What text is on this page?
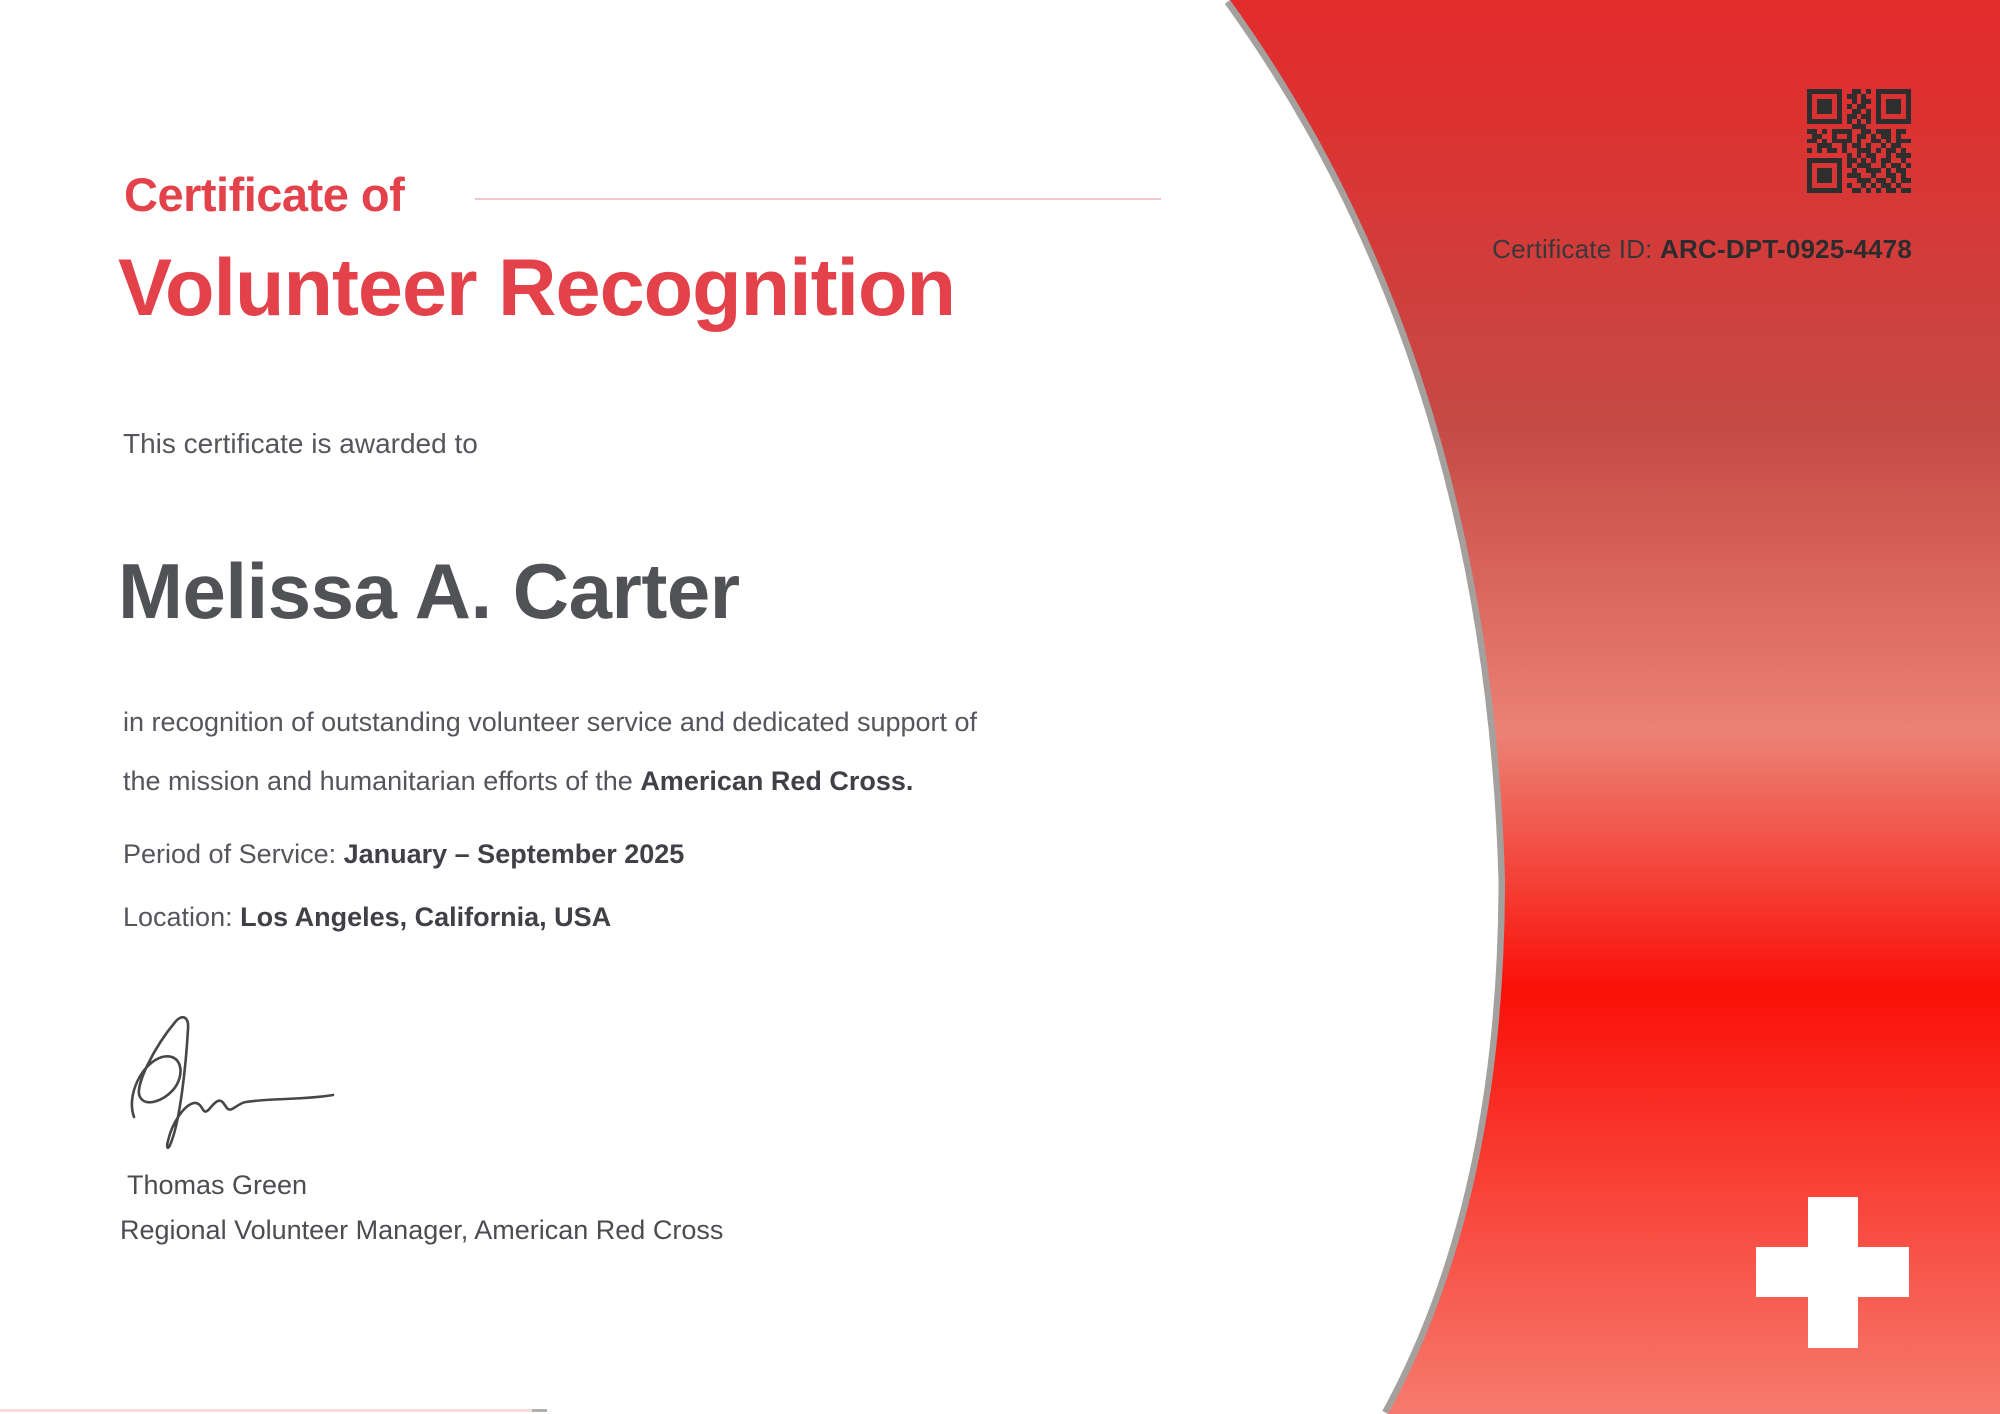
Certificate ID: ARC-DPT-0925-4478
Certificate of
Volunteer Recognition
This certificate is awarded to
Melissa A. Carter
in recognition of outstanding volunteer service and dedicated support of
the mission and humanitarian efforts of the American Red Cross.
Period of Service: January – September 2025
Location: Los Angeles, California, USA
Thomas Green
Regional Volunteer Manager, American Red Cross
